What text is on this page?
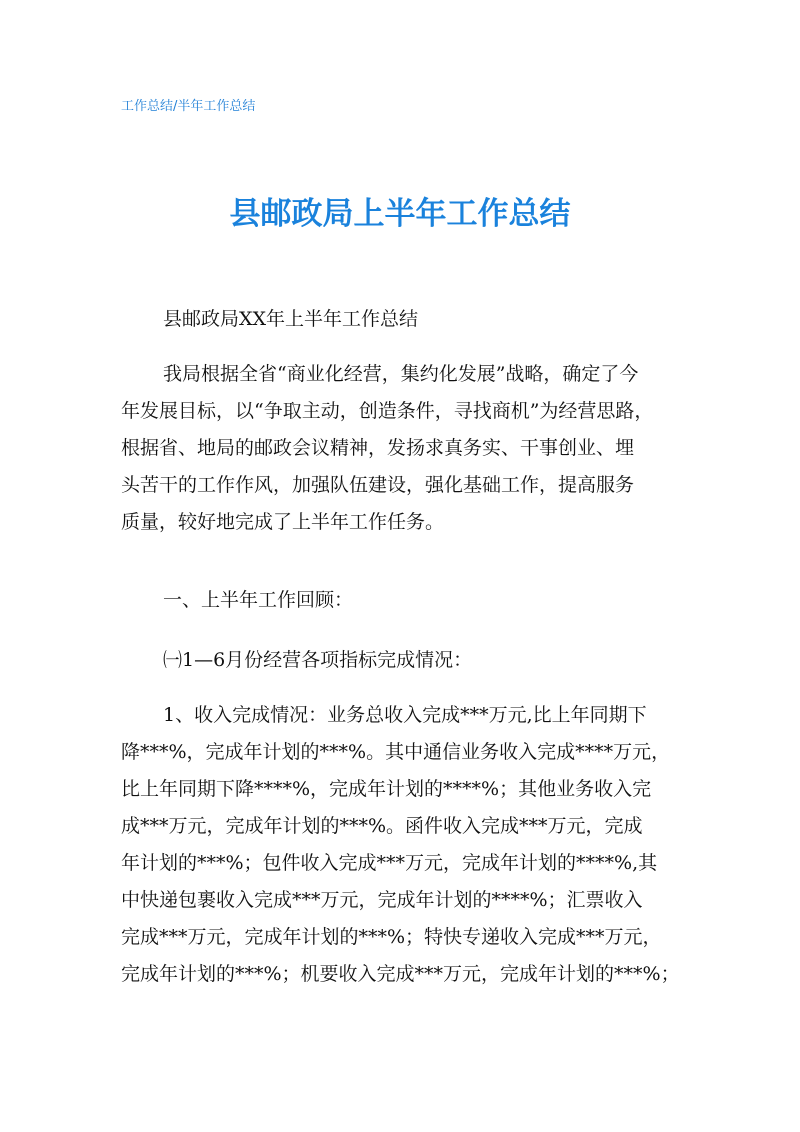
工作总结/半年工作总结
县邮政局上半年工作总结
县邮政局XX年上半年工作总结
我局根据全省“商业化经营，集约化发展”战略，确定了今
年发展目标，以“争取主动，创造条件，寻找商机”为经营思路，
根据省、地局的邮政会议精神，发扬求真务实、干事创业、埋
头苦干的工作作风，加强队伍建设，强化基础工作，提高服务
质量，较好地完成了上半年工作任务。
一、上半年工作回顾：
㈠1—6月份经营各项指标完成情况：
1、收入完成情况：业务总收入完成***万元,比上年同期下
降***%，完成年计划的***%。其中通信业务收入完成****万元，
比上年同期下降****%，完成年计划的****%；其他业务收入完
成***万元，完成年计划的***%。函件收入完成***万元，完成
年计划的***%；包件收入完成***万元，完成年计划的****%,其
中快递包裹收入完成***万元，完成年计划的****%；汇票收入
完成***万元，完成年计划的***%；特快专递收入完成***万元，
完成年计划的***%；机要收入完成***万元，完成年计划的***%；
